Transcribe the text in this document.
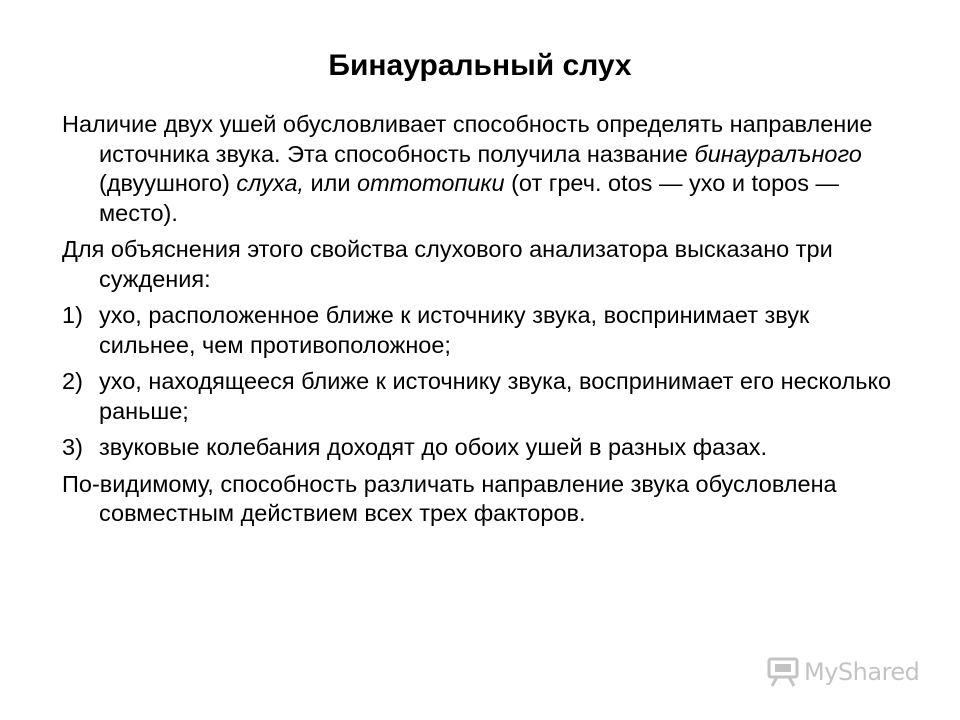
Бинауральный слух

Наличие двух ушей обусловливает способность определять направление источника звука. Эта способность получила название бинауралъного (двуушного) слуха, или оттотопики (от греч. otos — ухо и topos — место).

Для объяснения этого свойства слухового анализатора высказано три суждения:

1) ухо, расположенное ближе к источнику звука, воспринимает звук сильнее, чем противоположное;
2) ухо, находящееся ближе к источнику звука, воспринимает его несколько раньше;
3) звуковые колебания доходят до обоих ушей в разных фазах.

По-видимому, способность различать направление звука обусловлена совместным действием всех трех факторов.

MyShared
